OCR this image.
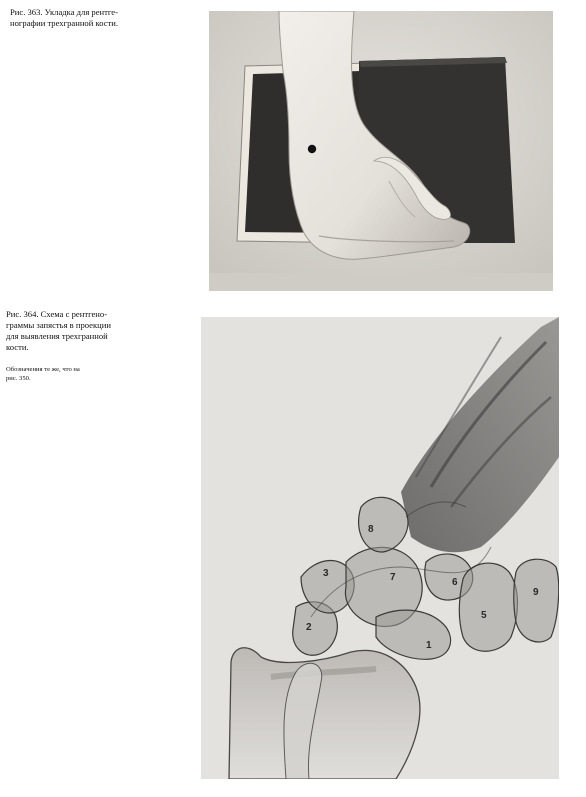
Рис. 363. Укладка для рентге-
нографии трехгранной кости.
Рис. 364. Схема с рентгено-
граммы запястья в проекции
для выявления трехгранной
кости.
Обозначения те же, что на
рис. 350.
1
2
3
5
6
7
8
9
